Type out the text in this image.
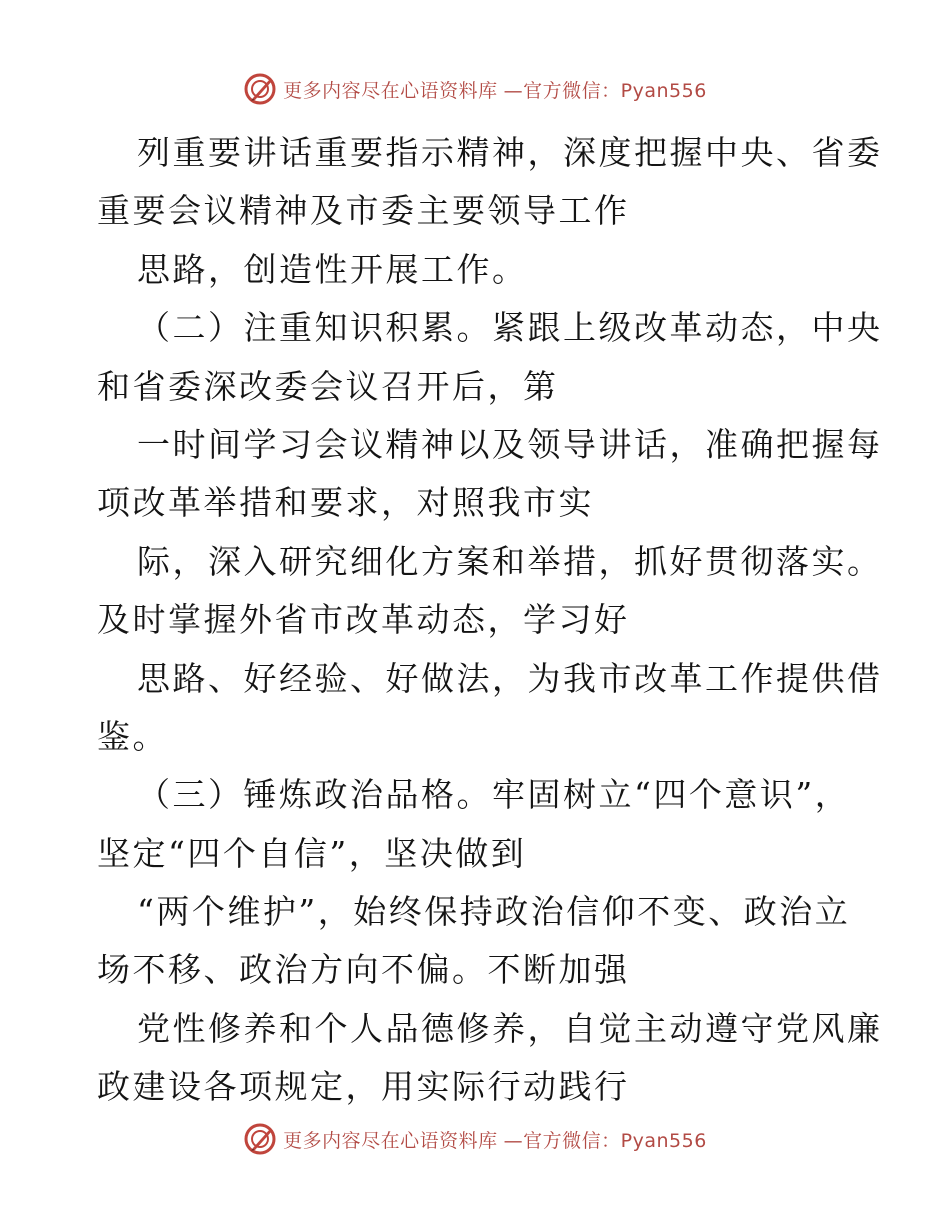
更多内容尽在心语资料库 —官方微信：Pyan556
列重要讲话重要指示精神，深度把握中央、省委
重要会议精神及市委主要领导工作
思路，创造性开展工作。
（二）注重知识积累。紧跟上级改革动态，中央
和省委深改委会议召开后，第
一时间学习会议精神以及领导讲话，准确把握每
项改革举措和要求，对照我市实
际，深入研究细化方案和举措，抓好贯彻落实。
及时掌握外省市改革动态，学习好
思路、好经验、好做法，为我市改革工作提供借
鉴。
（三）锤炼政治品格。牢固树立“四个意识”，
坚定“四个自信”，坚决做到
“两个维护”，始终保持政治信仰不变、政治立
场不移、政治方向不偏。不断加强
党性修养和个人品德修养，自觉主动遵守党风廉
政建设各项规定，用实际行动践行
更多内容尽在心语资料库 —官方微信：Pyan556
